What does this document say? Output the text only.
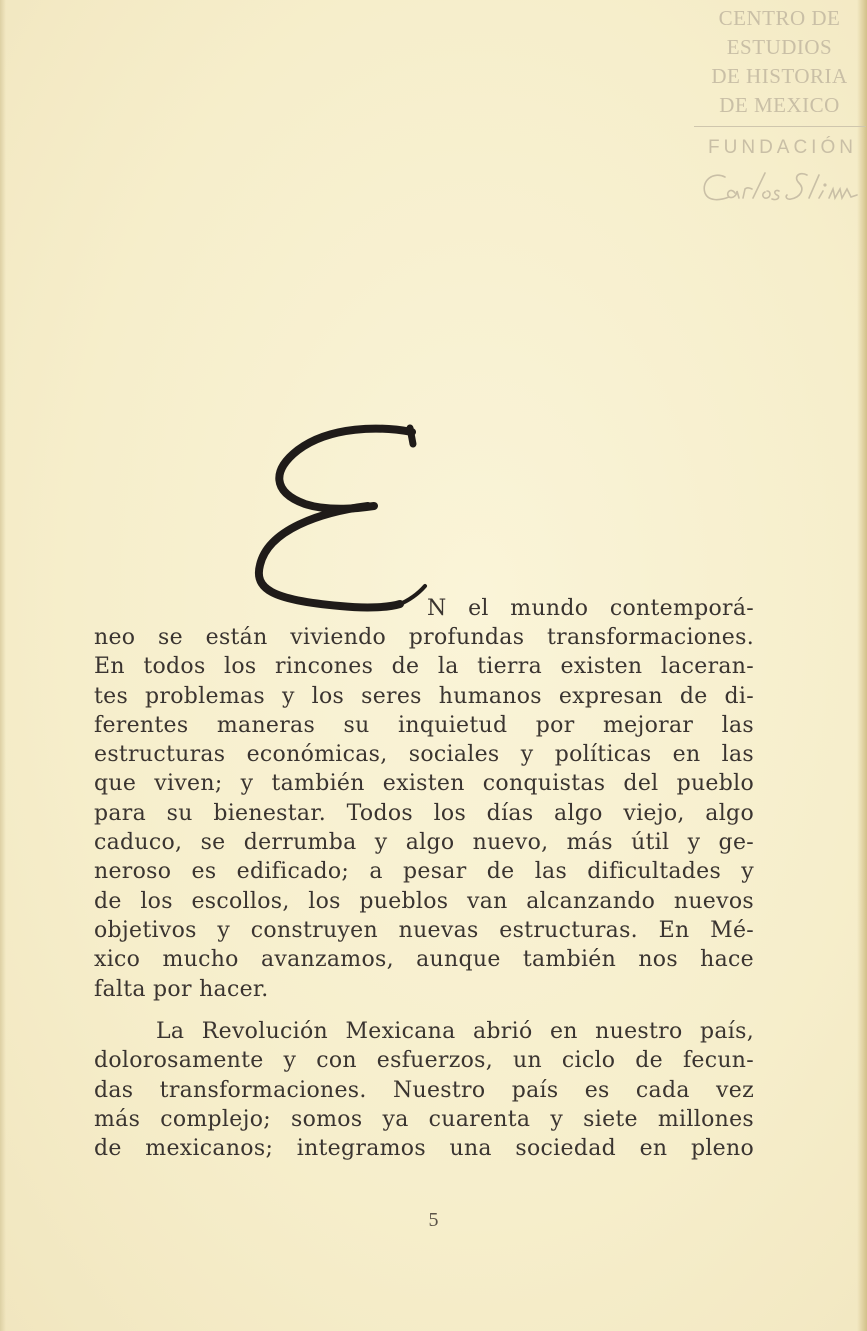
CENTRO DE
ESTUDIOS
DE HISTORIA
DE MEXICO
FUNDACIÓN
N el mundo contemporá-
neo se están viviendo profundas transformaciones.
En todos los rincones de la tierra existen laceran-
tes problemas y los seres humanos expresan de di-
ferentes maneras su inquietud por mejorar las
estructuras económicas, sociales y políticas en las
que viven; y también existen conquistas del pueblo
para su bienestar. Todos los días algo viejo, algo
caduco, se derrumba y algo nuevo, más útil y ge-
neroso es edificado; a pesar de las dificultades y
de los escollos, los pueblos van alcanzando nuevos
objetivos y construyen nuevas estructuras. En Mé-
xico mucho avanzamos, aunque también nos hace
falta por hacer.
La Revolución Mexicana abrió en nuestro país,
dolorosamente y con esfuerzos, un ciclo de fecun-
das transformaciones. Nuestro país es cada vez
más complejo; somos ya cuarenta y siete millones
de mexicanos; integramos una sociedad en pleno
5
